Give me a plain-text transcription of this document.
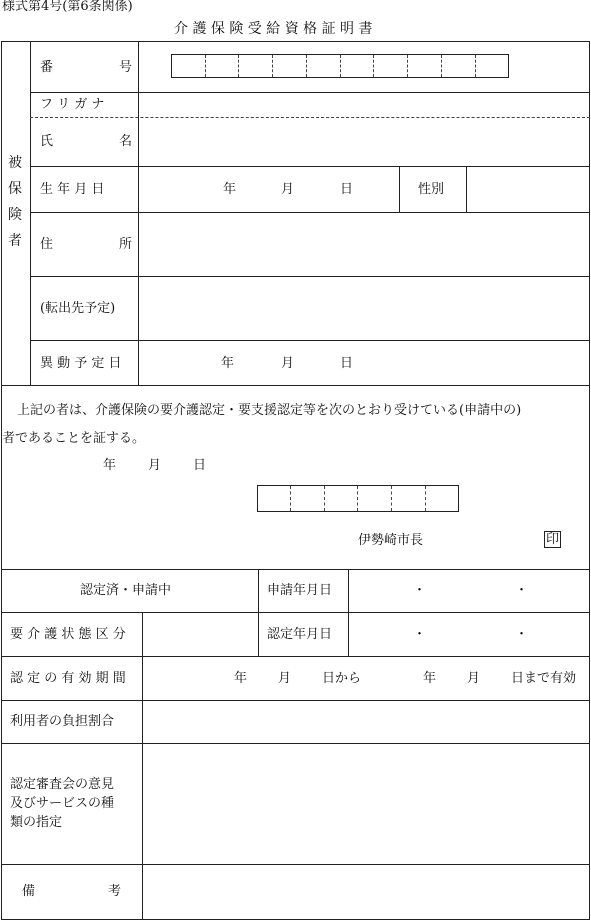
様式第4号(第6条関係)
介 護 保 険 受 給 資 格 証 明 書
被
保
険
者
番	号
フ リ ガ ナ
氏	名
生 年 月 日	年	月	日	性別
住	所
(転出先予定)
異 動 予 定 日	年	月	日
上記の者は、介護保険の要介護認定・要支援認定等を次のとおり受けている(申請中の)
者であることを証する。
年 月 日
伊勢崎市長	印
認定済・申請中	申請年月日	・	・
要 介 護 状 態 区 分	認定年月日	・	・
認 定 の 有 効 期 間	年 月 日から	年 月 日まで有効
利用者の負担割合
認定審査会の意見
及びサービスの種
類の指定
備	考
